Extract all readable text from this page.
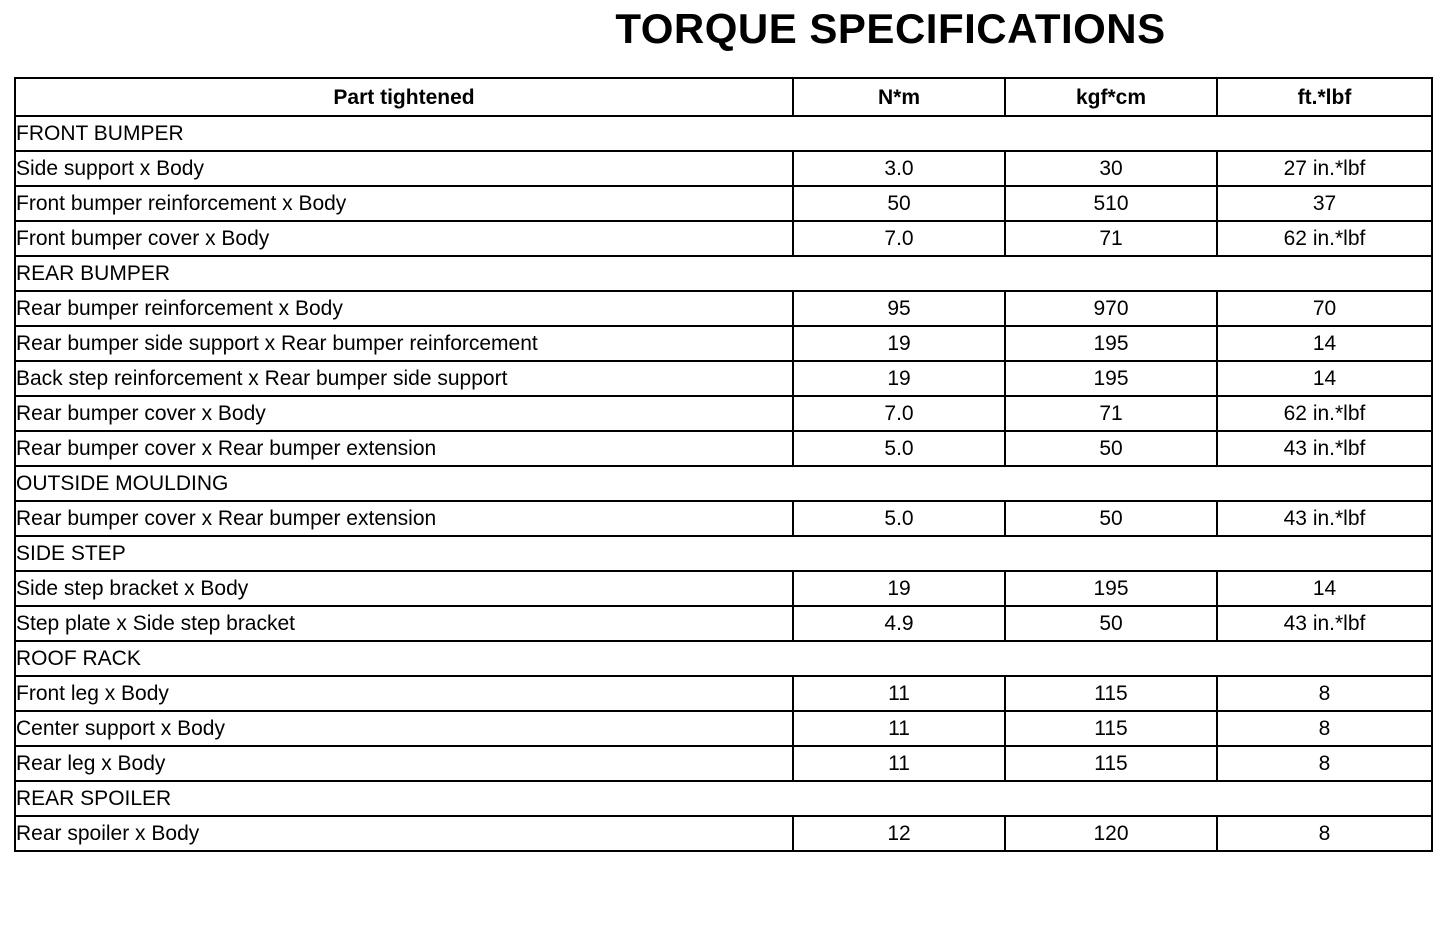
TORQUE SPECIFICATIONS
Part tightened	N*m	kgf*cm	ft.*lbf
FRONT BUMPER			
Side support x Body	3.0	30	27 in.*lbf
Front bumper reinforcement x Body	50	510	37
Front bumper cover x Body	7.0	71	62 in.*lbf
REAR BUMPER			
Rear bumper reinforcement x Body	95	970	70
Rear bumper side support x Rear bumper reinforcement	19	195	14
Back step reinforcement x Rear bumper side support	19	195	14
Rear bumper cover x Body	7.0	71	62 in.*lbf
Rear bumper cover x Rear bumper extension	5.0	50	43 in.*lbf
OUTSIDE MOULDING			
Rear bumper cover x Rear bumper extension	5.0	50	43 in.*lbf
SIDE STEP			
Side step bracket x Body	19	195	14
Step plate x Side step bracket	4.9	50	43 in.*lbf
ROOF RACK			
Front leg x Body	11	115	8
Center support x Body	11	115	8
Rear leg x Body	11	115	8
REAR SPOILER			
Rear spoiler x Body	12	120	8
